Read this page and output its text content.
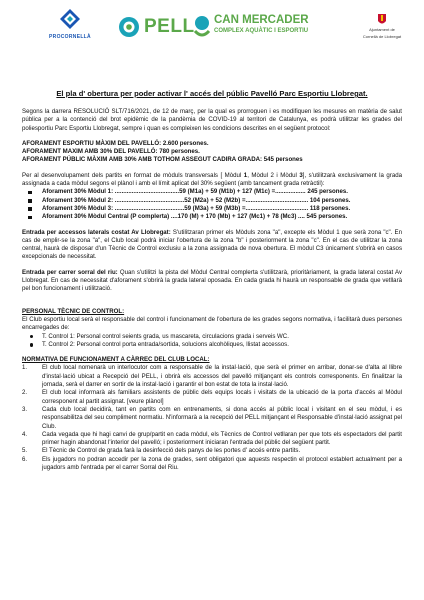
PROCORNELLÀ	PELL CAN MERCADER
COMPLEX AQUÀTIC I ESPORTIU	Ajuntament de
Cornellà de Llobregat
El pla d' obertura per poder activar l' accés del públic Pavelló Parc Esportiu Llobregat.

Segons la darrera RESOLUCIÓ SLT/716/2021, de 12 de març, per la qual es prorroguen i es modifiquen les mesures en matèria de salut pública per a la contenció del brot epidèmic de la pandèmia de COVID-19 al territori de Catalunya, es podrà utilitzar les grades del poliesportiu Parc Esportiu Llobregat, sempre i quan es compleixen les condicions descrites en el següent protocol:

AFORAMENT ESPORTIU MÀXIM DEL PAVELLÓ: 2.600 persones.
AFORAMENT MAXIM AMB 30% DEL PAVELLÓ: 780 persones.
AFORAMENT PÚBLIC MÀXIM AMB 30% AMB TOTHOM ASSEGUT CADIRA GRADA: 545 persones

Per al desenvolupament dels partits en format de mòduls transversals [ Mòdul 1, Mòdul 2 i Mòdul 3], s'utilitzarà exclusivament la grada assignada a cada mòdul segons el plànol i amb el límit aplicat del 30% següent (amb tancament grada retràctil):

Aforament 30% Mòdul 1: ......................................59 (M1a) + 59 (M1b) + 127 (M1c) =.................. 245 persones.
Aforament 30% Mòdul 2: .........................................52 (M2a) + 52 (M2b) =..................................... 104 persones.
Aforament 30% Mòdul 3: .........................................59 (M3a) + 59 (M3b) =..................................... 118 persones.
Aforament 30% Mòdul Central (P complerta) ....170 (M) + 170 (Mb) + 127 (Mc1) + 78 (Mc3) .... 545 persones.

Entrada per accessos laterals costat Av Llobregat: S'utilitzaran primer els Mòduls zona "a", excepte els Mòdul 1 que serà zona "c". En cas de emplir-se la zona "a", el Club local podrà iniciar l'obertura de la zona "b" i posteriorment la zona "c". En el cas de utilitzar la zona central, haurà de disposar d'un Tècnic de Control exclusiu a la zona assignada de nova obertura. El mòdul C3 únicament s'obrirà en casos excepcionals de necessitat.

Entrada per carrer sorral del riu: Quan s'utilitzi la pista del Mòdul Central complerta s'utilitzarà, prioritàriament, la grada lateral costat Av Llobregat. En cas de necessitat d'aforament s'obrirà la grada lateral oposada. En cada grada hi haurà un responsable de grada que vetllarà pel bon funcionament i utilització.

PERSONAL TÈCNIC DE CONTROL:

El Club esportiu local serà el responsable del control i funcionament de l'obertura de les grades segons normativa, i facilitarà dues persones encarregades de:

T. Control 1: Personal control seients grada, us mascareta, circulacions grada i serveis WC.
T. Control 2: Personal control porta entrada/sortida, solucions alcohòliques, llistat accessos.
NORMATIVA DE FUNCIONAMENT A CÀRREC DEL CLUB LOCAL:
1. El club local nomenarà un interlocutor com a responsable de la instal·lació, que serà el primer en arribar, donar-se d'alta al llibre d'instal·lació ubicat a Recepció del PELL, i obrirà els accessos del pavelló mitjançant els controls corresponents. En finalitzar la jornada, serà el darrer en sortir de la instal·lació i garantir el bon estat de tota la instal·lació.
2. El club local informarà als familiars assistents de públic dels equips locals i visitats de la ubicació de la porta d'accés al Mòdul corresponent al partit assignat. [veure plànol]
3. Cada club local decidirà, tant en partits com en entrenaments, si dona accés al públic local i visitant en el seu mòdul, i es responsabilitza del seu compliment normatiu. N'informarà a la recepció del PELL mitjançant el Responsable d'instal·lació assignat pel Club.
4. Cada vegada que hi hagi canvi de grup/partit en cada mòdul, els Tècnics de Control vetllaran per que tots els espectadors del partit primer hagin abandonat l'interior del pavelló; i posteriorment iniciaran l'entrada del públic del següent partit.
5. El Tècnic de Control de grada farà la desinfecció dels panys de les portes d' accés entre partits.
6. Els jugadors no podran accedir per la zona de grades, sent obligatori que aquests respectin el protocol establert actualment per a jugadors amb l'entrada per el carrer Sorral del Riu.
